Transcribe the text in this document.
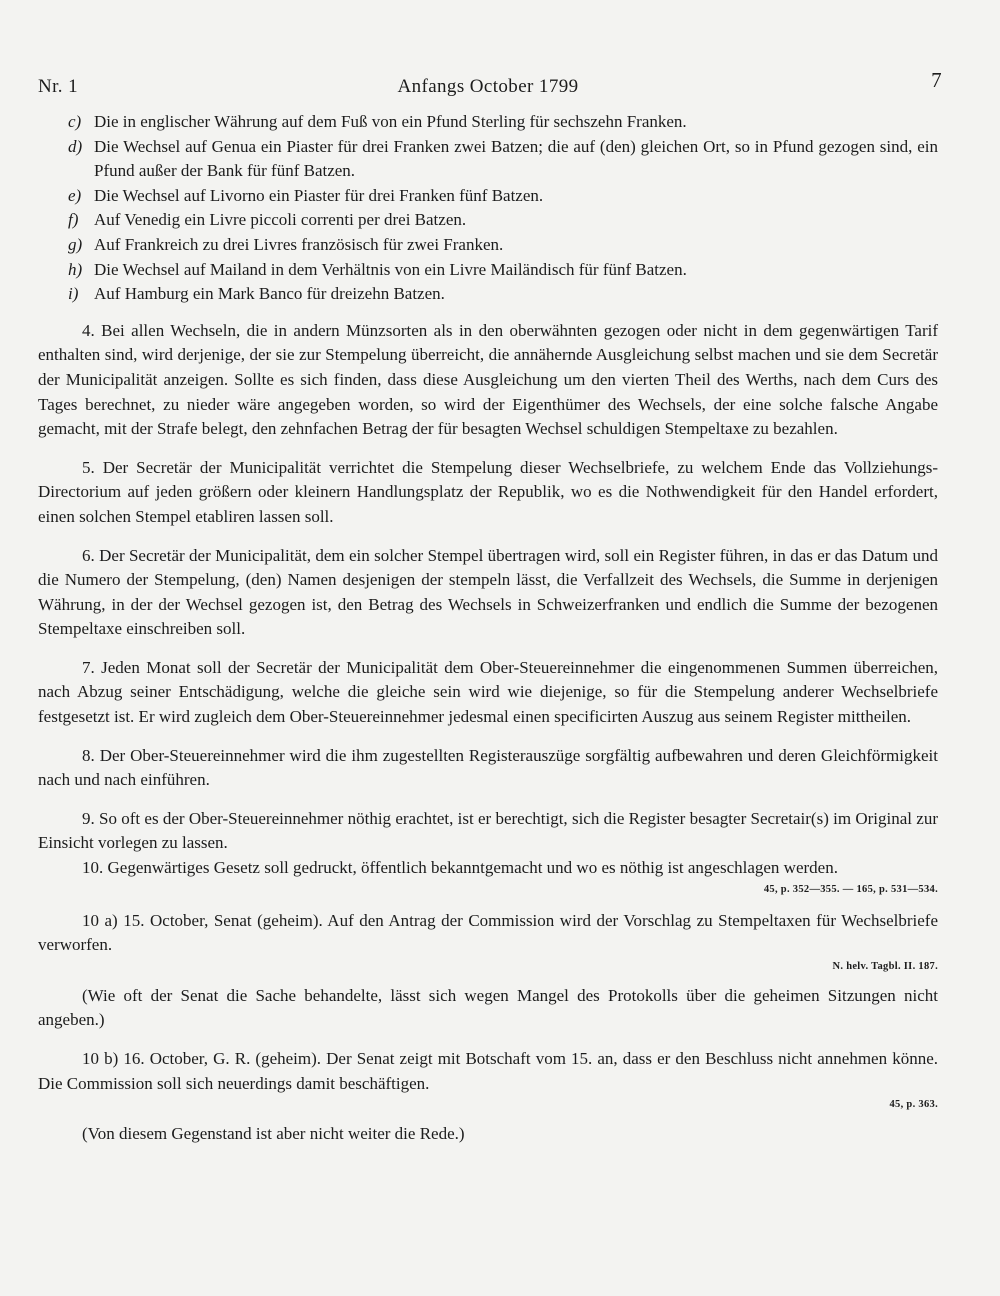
Nr. 1	Anfangs October 1799	7
c) Die in englischer Währung auf dem Fuß von ein Pfund Sterling für sechszehn Franken.
d) Die Wechsel auf Genua ein Piaster für drei Franken zwei Batzen; die auf (den) gleichen Ort, so in Pfund gezogen sind, ein Pfund außer der Bank für fünf Batzen.
e) Die Wechsel auf Livorno ein Piaster für drei Franken fünf Batzen.
f) Auf Venedig ein Livre piccoli correnti per drei Batzen.
g) Auf Frankreich zu drei Livres französisch für zwei Franken.
h) Die Wechsel auf Mailand in dem Verhältnis von ein Livre Mailändisch für fünf Batzen.
i) Auf Hamburg ein Mark Banco für dreizehn Batzen.

4. Bei allen Wechseln, die in andern Münzsorten als in den oberwähnten gezogen oder nicht in dem gegenwärtigen Tarif enthalten sind, wird derjenige, der sie zur Stempelung überreicht, die annähernde Ausgleichung selbst machen und sie dem Secretär der Municipalität anzeigen. Sollte es sich finden, dass diese Ausgleichung um den vierten Theil des Werths, nach dem Curs des Tages berechnet, zu nieder wäre angegeben worden, so wird der Eigenthümer des Wechsels, der eine solche falsche Angabe gemacht, mit der Strafe belegt, den zehnfachen Betrag der für besagten Wechsel schuldigen Stempeltaxe zu bezahlen.

5. Der Secretär der Municipalität verrichtet die Stempelung dieser Wechselbriefe, zu welchem Ende das Vollziehungs-Directorium auf jeden größern oder kleinern Handlungsplatz der Republik, wo es die Nothwendigkeit für den Handel erfordert, einen solchen Stempel etabliren lassen soll.

6. Der Secretär der Municipalität, dem ein solcher Stempel übertragen wird, soll ein Register führen, in das er das Datum und die Numero der Stempelung, (den) Namen desjenigen der stempeln lässt, die Verfallzeit des Wechsels, die Summe in derjenigen Währung, in der der Wechsel gezogen ist, den Betrag des Wechsels in Schweizerfranken und endlich die Summe der bezogenen Stempeltaxe einschreiben soll.

7. Jeden Monat soll der Secretär der Municipalität dem Ober-Steuereinnehmer die eingenommenen Summen überreichen, nach Abzug seiner Entschädigung, welche die gleiche sein wird wie diejenige, so für die Stempelung anderer Wechselbriefe festgesetzt ist. Er wird zugleich dem Ober-Steuereinnehmer jedesmal einen specificirten Auszug aus seinem Register mittheilen.

8. Der Ober-Steuereinnehmer wird die ihm zugestellten Registerauszüge sorgfältig aufbewahren und deren Gleichförmigkeit nach und nach einführen.

9. So oft es der Ober-Steuereinnehmer nöthig erachtet, ist er berechtigt, sich die Register besagter Secretair(s) im Original zur Einsicht vorlegen zu lassen.

10. Gegenwärtiges Gesetz soll gedruckt, öffentlich bekanntgemacht und wo es nöthig ist angeschlagen werden.

45, p. 352—355. — 165, p. 531—534.

10 a) 15. October, Senat (geheim). Auf den Antrag der Commission wird der Vorschlag zu Stempeltaxen für Wechselbriefe verworfen.

N. helv. Tagbl. II. 187.

(Wie oft der Senat die Sache behandelte, lässt sich wegen Mangel des Protokolls über die geheimen Sitzungen nicht angeben.)

10 b) 16. October, G. R. (geheim). Der Senat zeigt mit Botschaft vom 15. an, dass er den Beschluss nicht annehmen könne. Die Commission soll sich neuerdings damit beschäftigen.

45, p. 363.

(Von diesem Gegenstand ist aber nicht weiter die Rede.)
